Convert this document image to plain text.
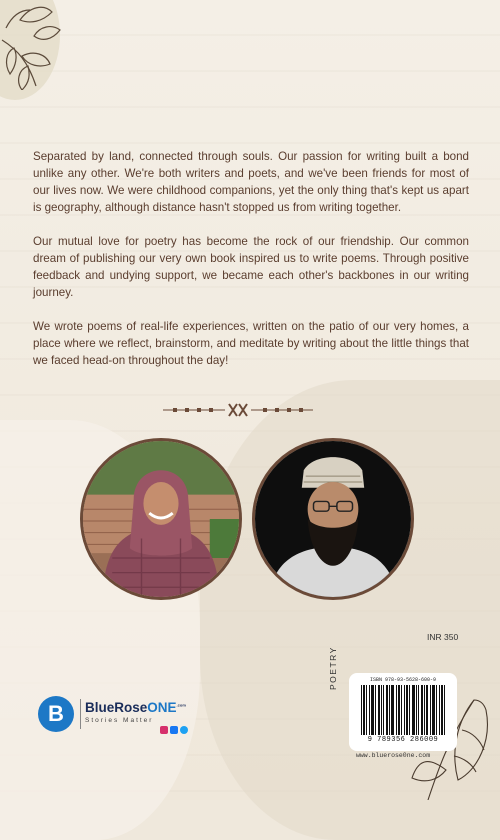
Separated by land, connected through souls. Our passion for writing built a bond unlike any other. We're both writers and poets, and we've been friends for most of our lives now. We were childhood companions, yet the only thing that's kept us apart is geography, although distance hasn't stopped us from writing together.

Our mutual love for poetry has become the rock of our friendship. Our common dream of publishing our very own book inspired us to write poems. Through positive feedback and undying support, we became each other's backbones in our writing journey.

We wrote poems of real-life experiences, written on the patio of our very homes, a place where we reflect, brainstorm, and meditate by writing about the little things that we faced head-on throughout the day!

INR 350
POETRY	ISBN 978-93-5628-600-9
9 789356 286009
www.bluerose0ne.com
B	BlueRoseONE$^{.com}$
Stories Matter
